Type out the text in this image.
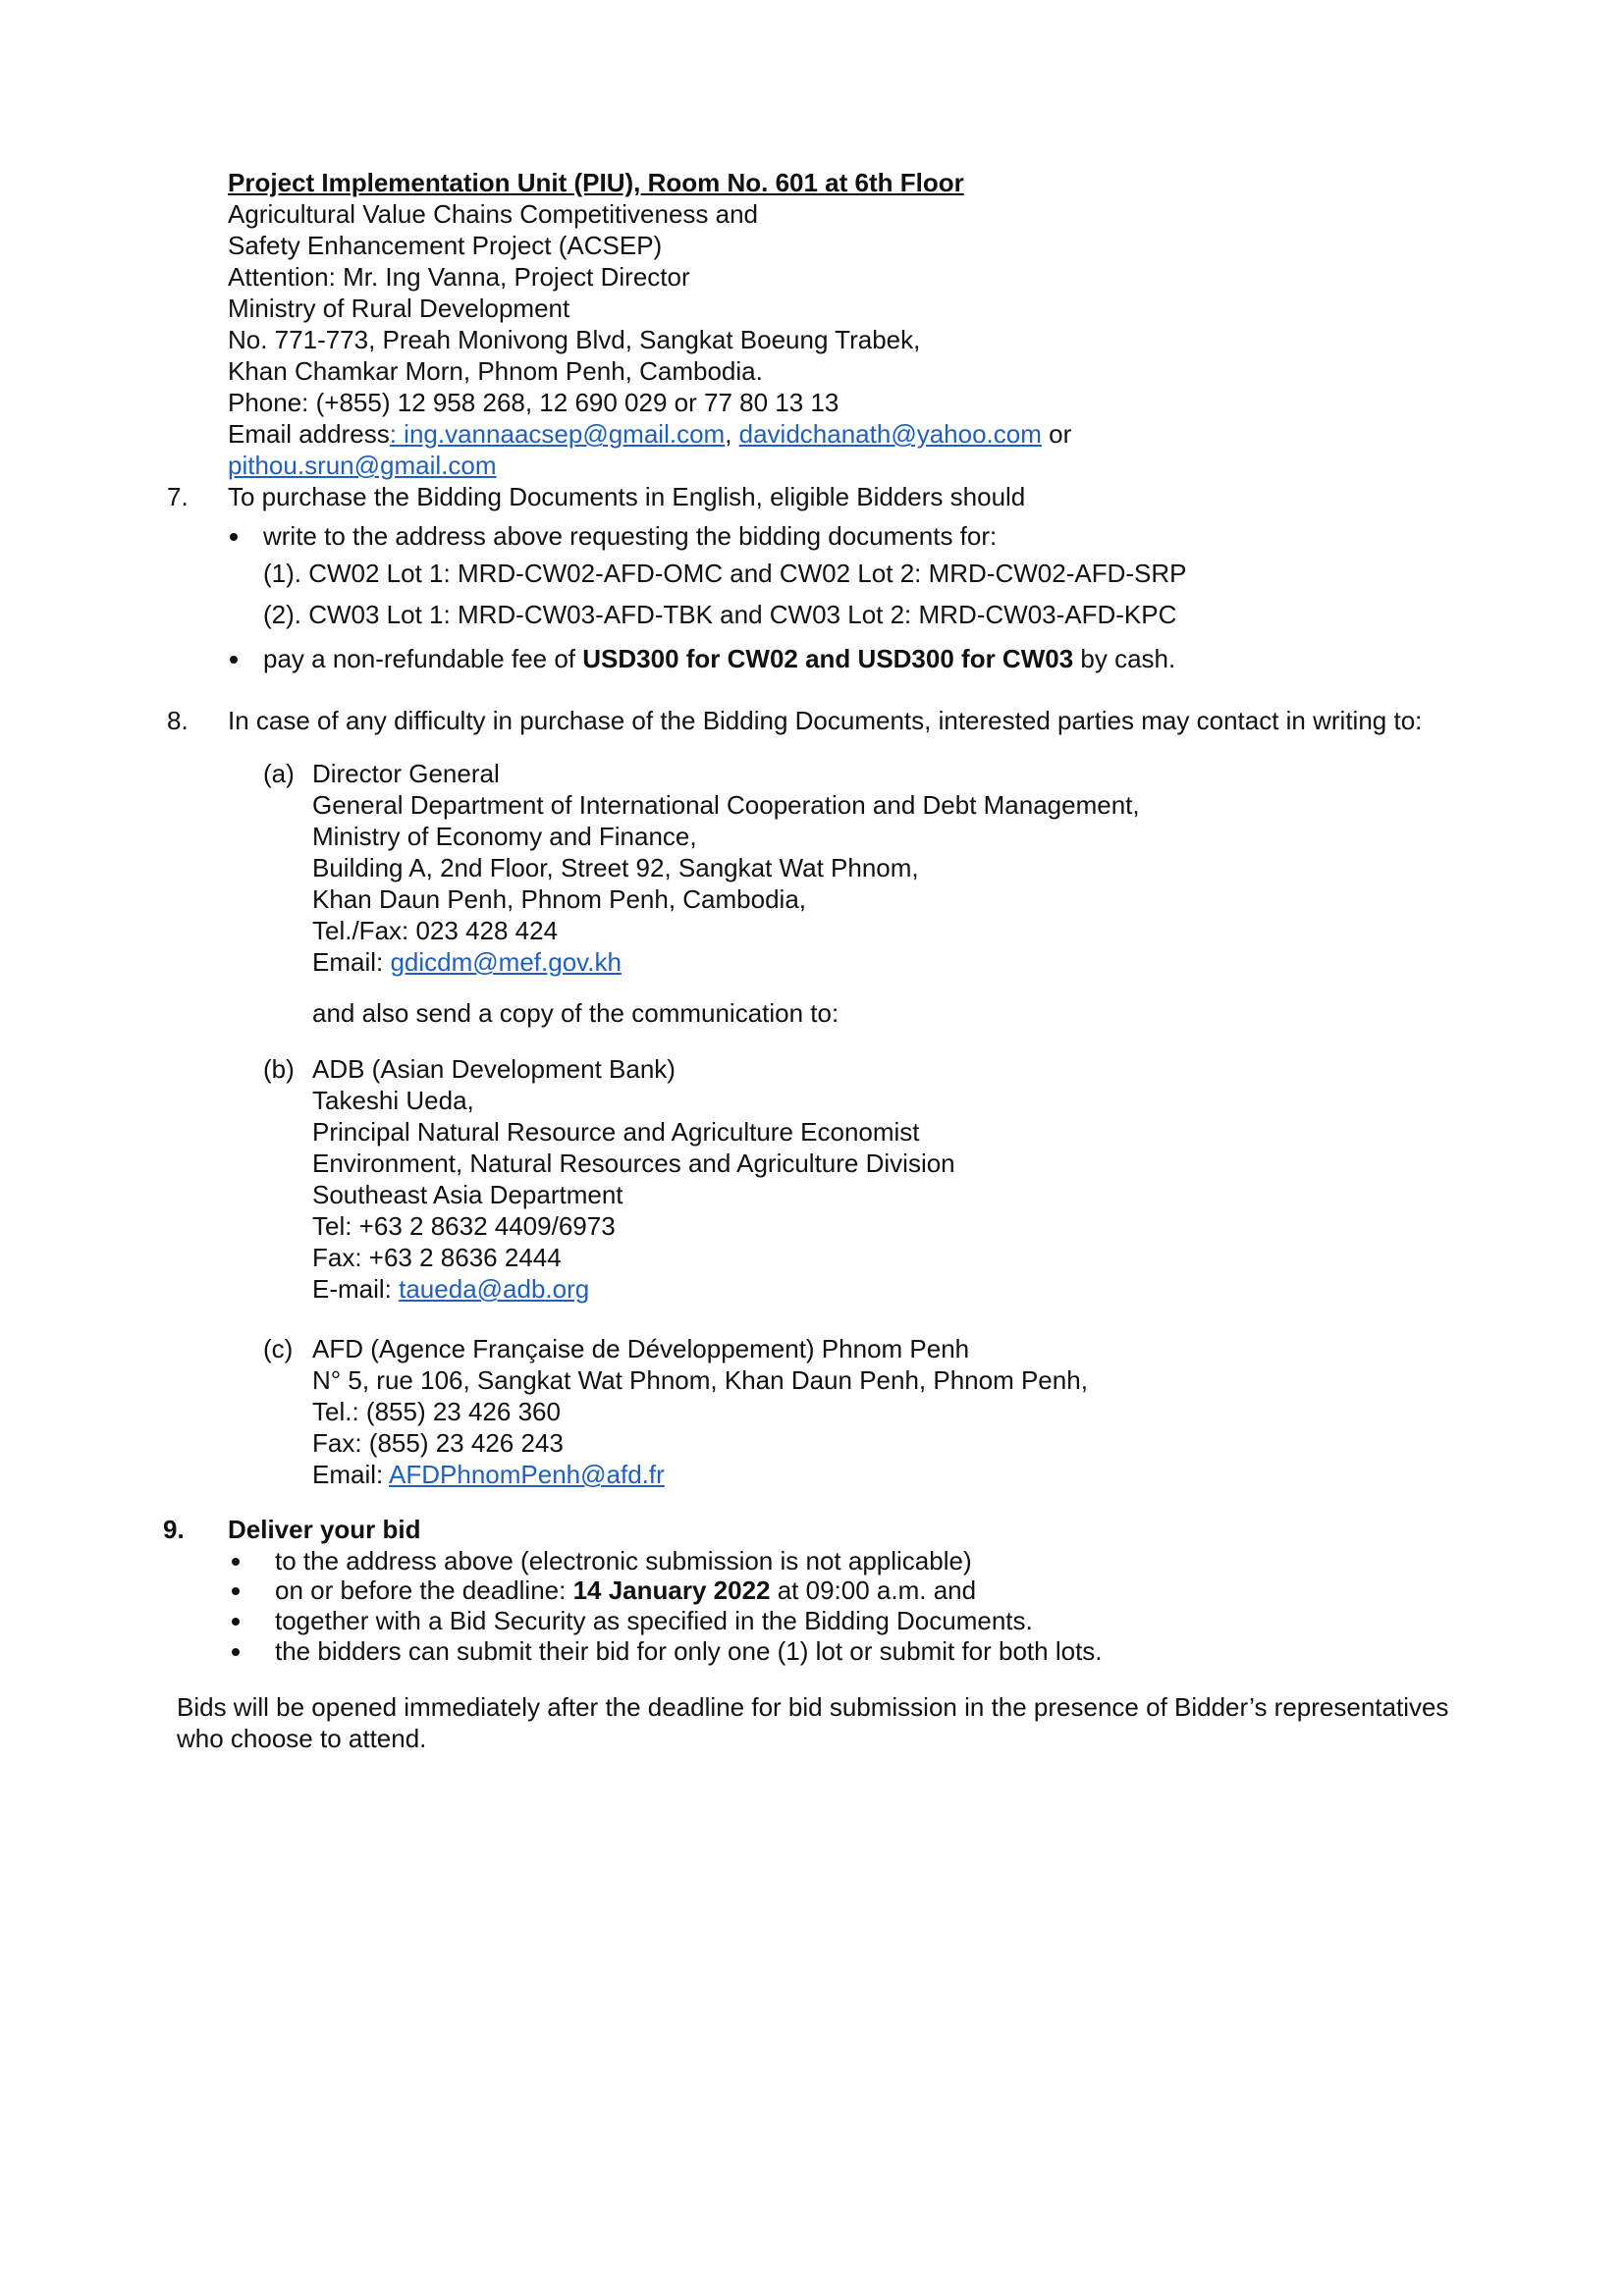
Project Implementation Unit (PIU), Room No. 601 at 6th Floor
Agricultural Value Chains Competitiveness and
Safety Enhancement Project (ACSEP)
Attention: Mr. Ing Vanna, Project Director
Ministry of Rural Development
No. 771-773, Preah Monivong Blvd, Sangkat Boeung Trabek,
Khan Chamkar Morn, Phnom Penh, Cambodia.
Phone: (+855) 12 958 268, 12 690 029 or 77 80 13 13
Email address: ing.vannaacsep@gmail.com, davidchanath@yahoo.com or
pithou.srun@gmail.com
7. To purchase the Bidding Documents in English, eligible Bidders should
write to the address above requesting the bidding documents for:
(1). CW02 Lot 1: MRD-CW02-AFD-OMC and CW02 Lot 2: MRD-CW02-AFD-SRP
(2). CW03 Lot 1: MRD-CW03-AFD-TBK and CW03 Lot 2: MRD-CW03-AFD-KPC
pay a non-refundable fee of USD300 for CW02 and USD300 for CW03 by cash.
8. In case of any difficulty in purchase of the Bidding Documents, interested parties may contact in writing to:
(a) Director General
General Department of International Cooperation and Debt Management,
Ministry of Economy and Finance,
Building A, 2nd Floor, Street 92, Sangkat Wat Phnom,
Khan Daun Penh, Phnom Penh, Cambodia,
Tel./Fax: 023 428 424
Email: gdicdm@mef.gov.kh
and also send a copy of the communication to:
(b) ADB (Asian Development Bank)
Takeshi Ueda,
Principal Natural Resource and Agriculture Economist
Environment, Natural Resources and Agriculture Division
Southeast Asia Department
Tel: +63 2 8632 4409/6973
Fax: +63 2 8636 2444
E-mail: taueda@adb.org
(c) AFD (Agence Française de Développement) Phnom Penh
N° 5, rue 106, Sangkat Wat Phnom, Khan Daun Penh, Phnom Penh,
Tel.: (855) 23 426 360
Fax: (855) 23 426 243
Email: AFDPhnomPenh@afd.fr
9. Deliver your bid
to the address above (electronic submission is not applicable)
on or before the deadline: 14 January 2022 at 09:00 a.m. and
together with a Bid Security as specified in the Bidding Documents.
the bidders can submit their bid for only one (1) lot or submit for both lots.
Bids will be opened immediately after the deadline for bid submission in the presence of Bidder’s representatives
who choose to attend.
